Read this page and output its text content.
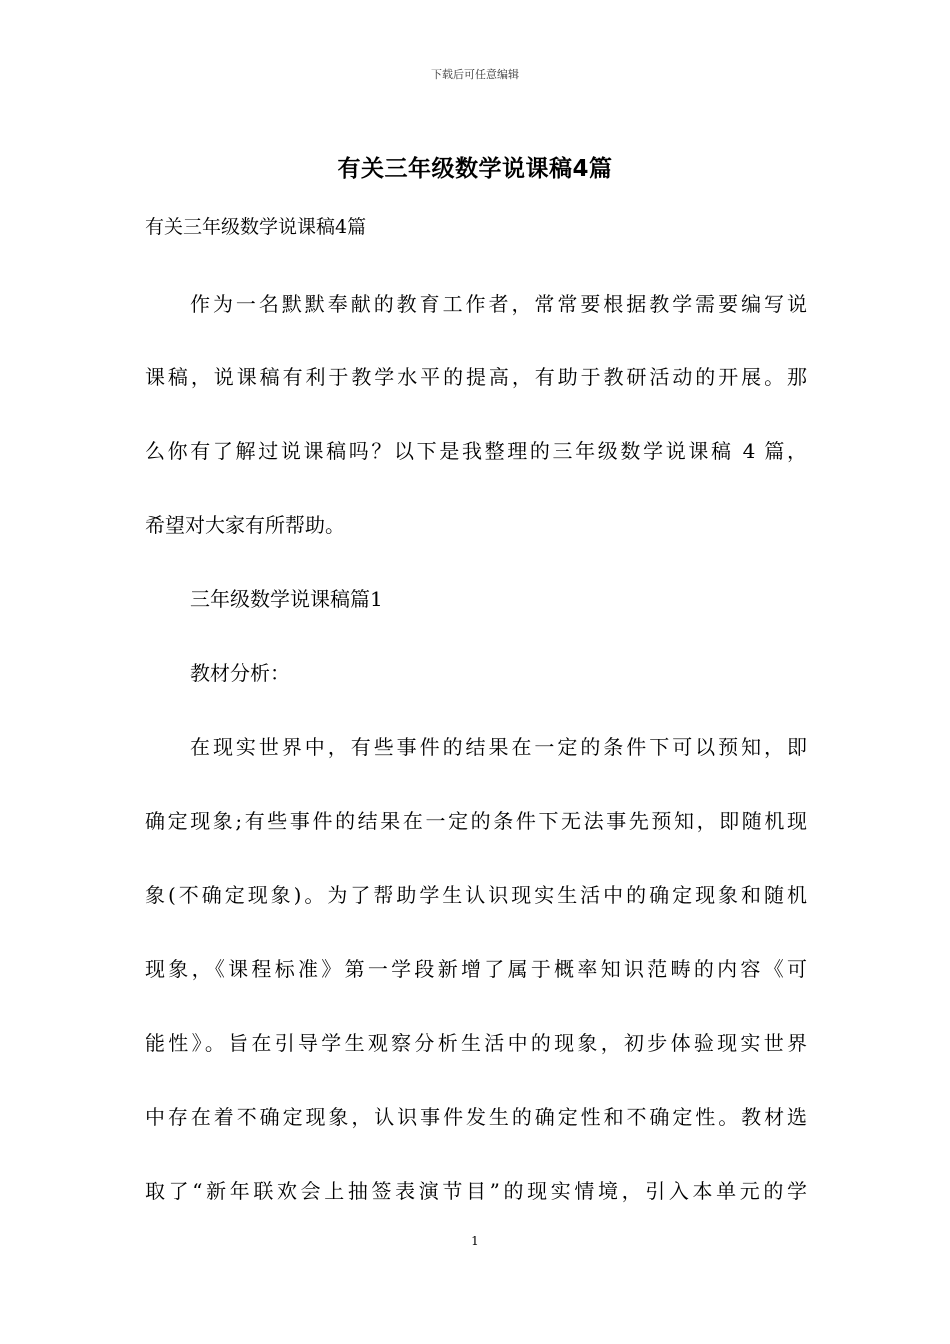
下载后可任意编辑
有关三年级数学说课稿4篇
有关三年级数学说课稿4篇
作为一名默默奉献的教育工作者，常常要根据教学需要编写说
课稿，说课稿有利于教学水平的提高，有助于教研活动的开展。那
么你有了解过说课稿吗？以下是我整理的三年级数学说课稿 4 篇，
希望对大家有所帮助。
三年级数学说课稿篇1
教材分析：
在现实世界中，有些事件的结果在一定的条件下可以预知，即
确定现象;有些事件的结果在一定的条件下无法事先预知，即随机现
象(不确定现象)。为了帮助学生认识现实生活中的确定现象和随机
现象，《课程标准》第一学段新增了属于概率知识范畴的内容《可
能性》。旨在引导学生观察分析生活中的现象，初步体验现实世界
中存在着不确定现象，认识事件发生的确定性和不确定性。教材选
取了“新年联欢会上抽签表演节目”的现实情境，引入本单元的学
1
